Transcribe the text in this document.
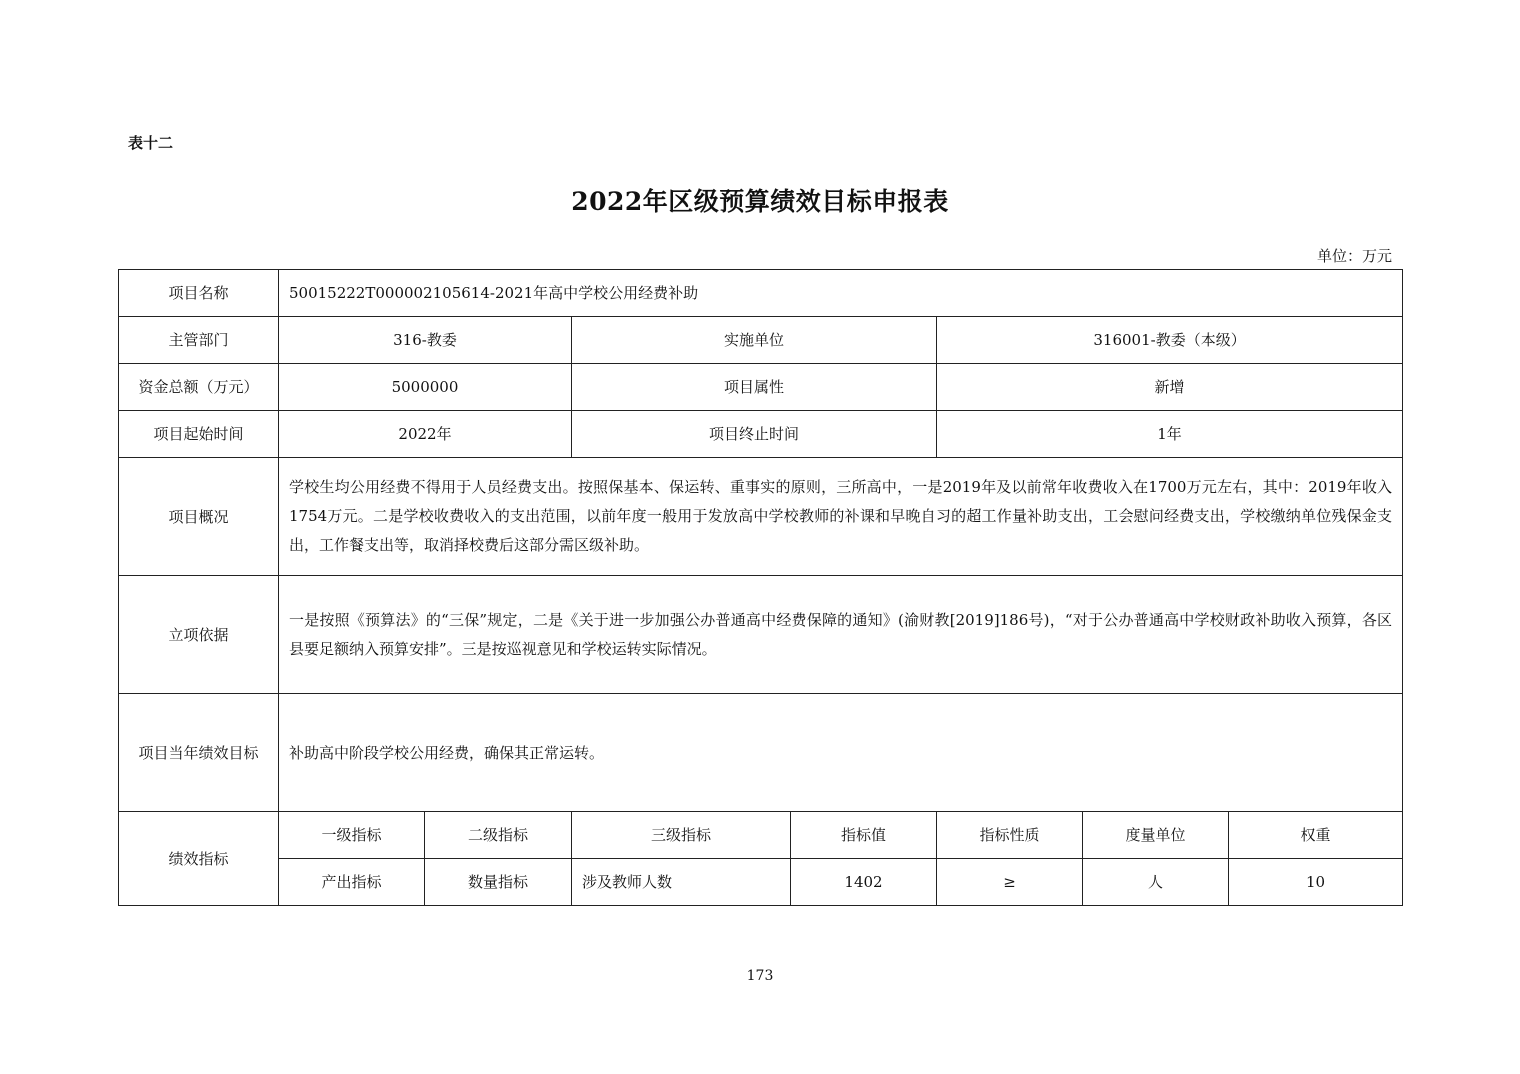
表十二
2022年区级预算绩效目标申报表
单位：万元
项目名称	50015222T000002105614-2021年高中学校公用经费补助						
主管部门	316-教委		实施单位		316001-教委（本级）		
资金总额（万元）	5000000		项目属性		新增		
项目起始时间	2022年		项目终止时间		1年		
项目概况	学校生均公用经费不得用于人员经费支出。按照保基本、保运转、重事实的原则，三所高中，一是2019年及以前常年收费收入在1700万元左右，其中：2019年收入1754万元。二是学校收费收入的支出范围，以前年度一般用于发放高中学校教师的补课和早晚自习的超工作量补助支出，工会慰问经费支出，学校缴纳单位残保金支出，工作餐支出等，取消择校费后这部分需区级补助。						
立项依据	一是按照《预算法》的“三保”规定，二是《关于进一步加强公办普通高中经费保障的通知》(渝财教[2019]186号)，“对于公办普通高中学校财政补助收入预算，各区县要足额纳入预算安排”。三是按巡视意见和学校运转实际情况。						
项目当年绩效目标	补助高中阶段学校公用经费，确保其正常运转。						
绩效指标	一级指标	二级指标	三级指标	指标值	指标性质	度量单位	权重
	产出指标	数量指标	涉及教师人数	1402	≥	人	10
173
